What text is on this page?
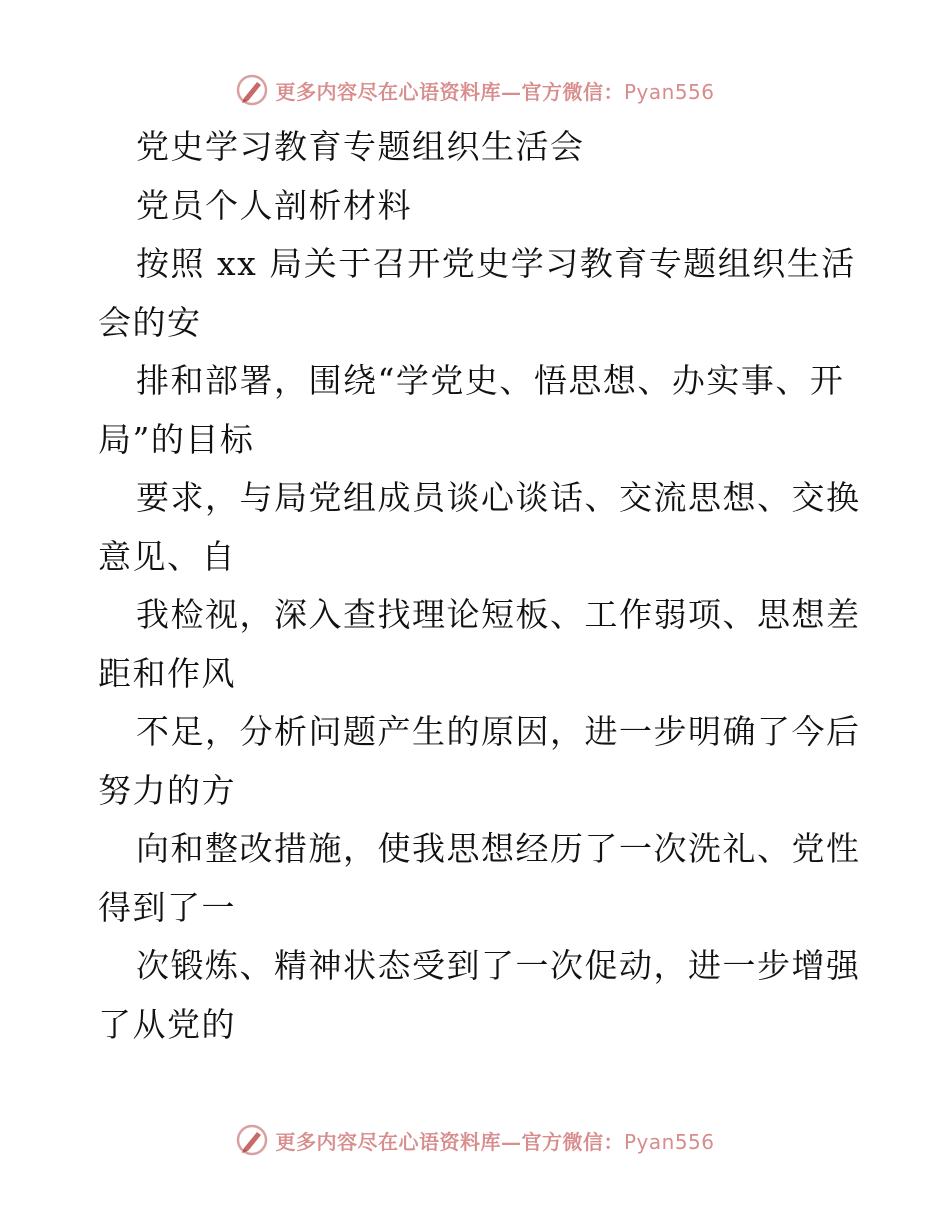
更多内容尽在心语资料库—官方微信：Pyan556
党史学习教育专题组织生活会
党员个人剖析材料
按照 xx 局关于召开党史学习教育专题组织生活
会的安
排和部署，围绕“学党史、悟思想、办实事、开
局”的目标
要求，与局党组成员谈心谈话、交流思想、交换
意见、自
我检视，深入查找理论短板、工作弱项、思想差
距和作风
不足，分析问题产生的原因，进一步明确了今后
努力的方
向和整改措施，使我思想经历了一次洗礼、党性
得到了一
次锻炼、精神状态受到了一次促动，进一步增强
了从党的
更多内容尽在心语资料库—官方微信：Pyan556
